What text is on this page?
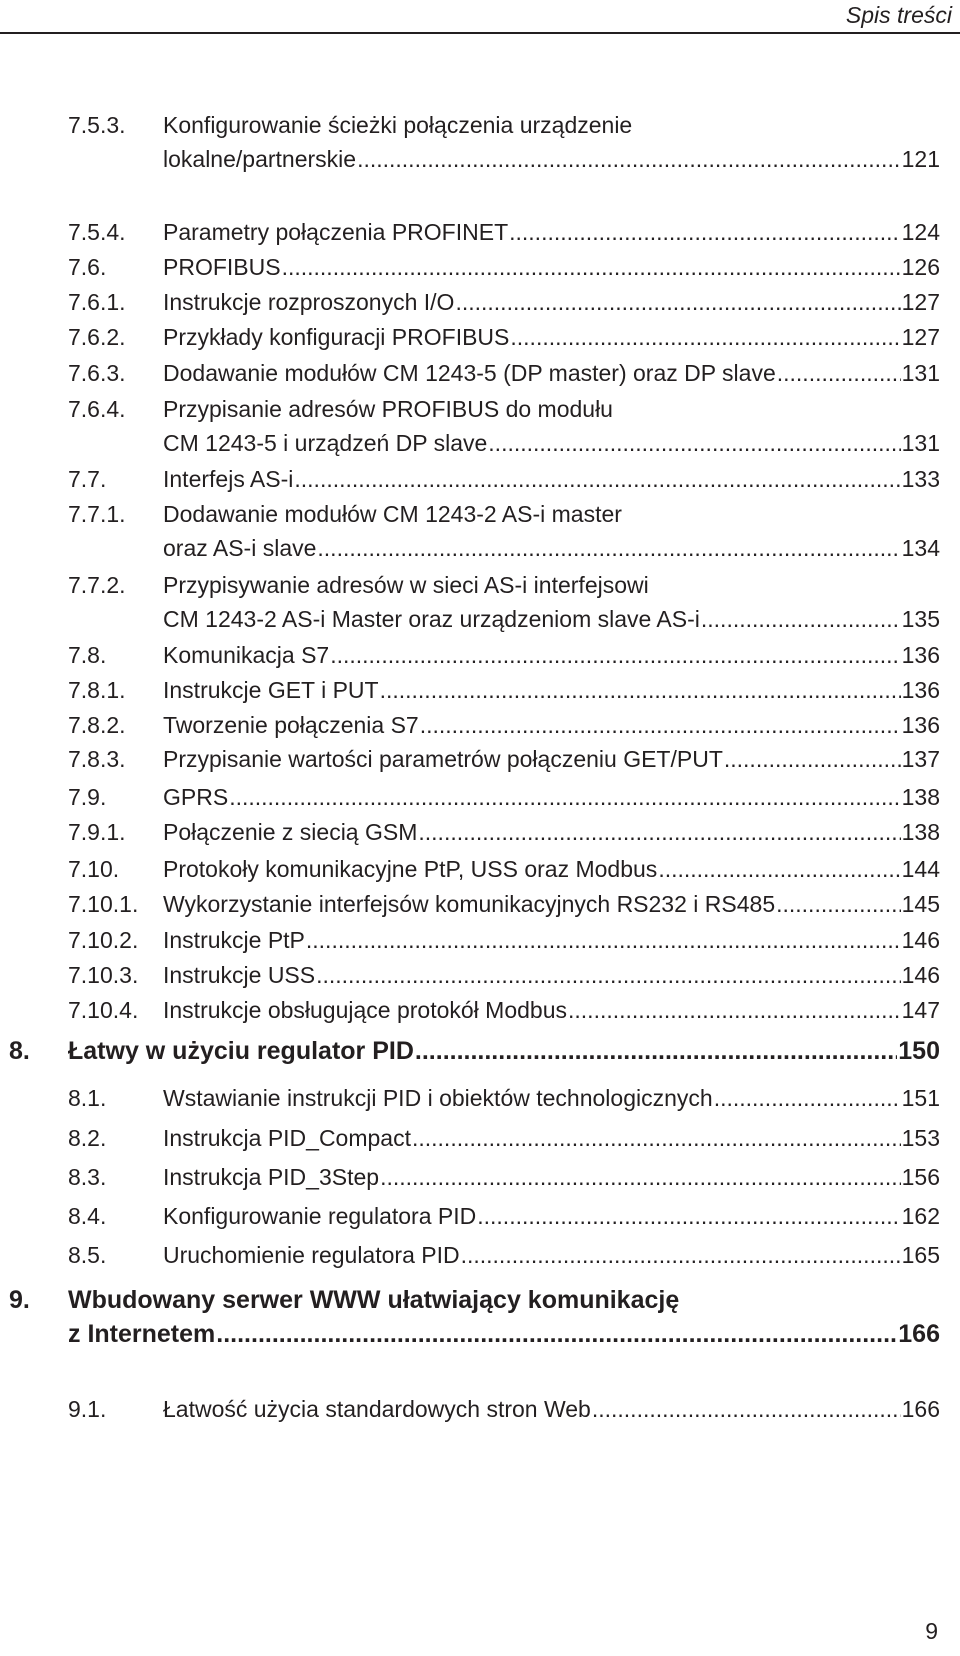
Spis treści
7.5.3. Konfigurowanie ścieżki połączenia urządzenie
lokalne/partnerskie .....	121
7.5.4. Parametry połączenia PROFINET .....	124
7.6. PROFIBUS .....	126
7.6.1. Instrukcje rozproszonych I/O .....	127
7.6.2. Przykłady konfiguracji PROFIBUS .....	127
7.6.3. Dodawanie modułów CM 1243-5 (DP master) oraz DP slave .....	131
7.6.4. Przypisanie adresów PROFIBUS do modułu
CM 1243-5 i urządzeń DP slave .....	131
7.7. Interfejs AS-i .....	133
7.7.1. Dodawanie modułów CM 1243-2 AS-i master
oraz AS-i slave .....	134
7.7.2. Przypisywanie adresów w sieci AS-i interfejsowi
CM 1243-2 AS-i Master oraz urządzeniom slave AS-i .....	135
7.8. Komunikacja S7 .....	136
7.8.1. Instrukcje GET i PUT .....	136
7.8.2. Tworzenie połączenia S7 .....	136
7.8.3. Przypisanie wartości parametrów połączeniu GET/PUT .....	137
7.9. GPRS .....	138
7.9.1. Połączenie z siecią GSM .....	138
7.10. Protokoły komunikacyjne PtP, USS oraz Modbus .....	144
7.10.1. Wykorzystanie interfejsów komunikacyjnych RS232 i RS485 .....	145
7.10.2. Instrukcje PtP .....	146
7.10.3. Instrukcje USS .....	146
7.10.4. Instrukcje obsługujące protokół Modbus .....	147
8. Łatwy w użyciu regulator PID .....	150
8.1. Wstawianie instrukcji PID i obiektów technologicznych .....	151
8.2. Instrukcja PID_Compact .....	153
8.3. Instrukcja PID_3Step .....	156
8.4. Konfigurowanie regulatora PID .....	162
8.5. Uruchomienie regulatora PID .....	165
9. Wbudowany serwer WWW ułatwiający komunikację
z Internetem .....	166
9.1. Łatwość użycia standardowych stron Web .....	166
9
